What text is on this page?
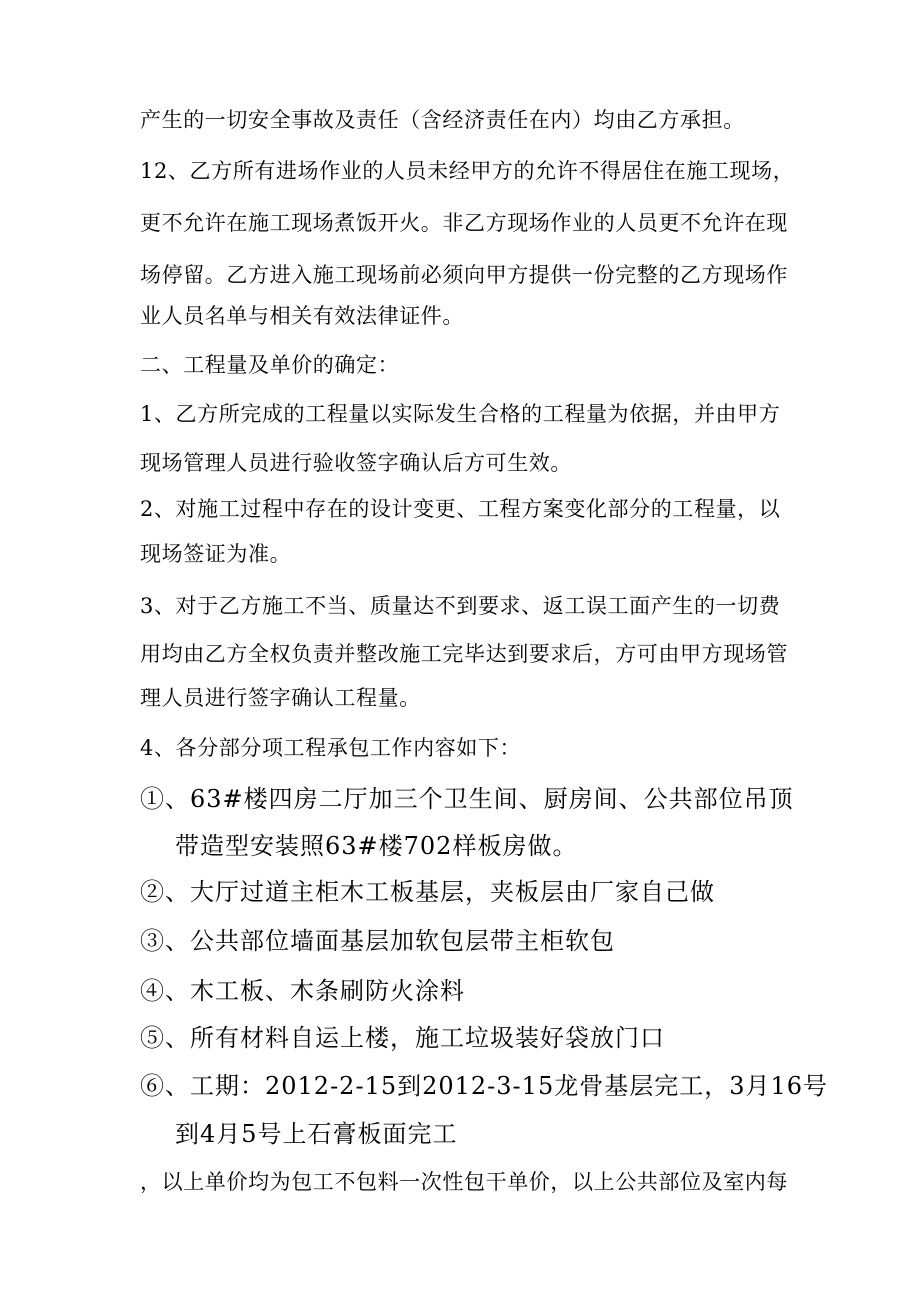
产生的一切安全事故及责任（含经济责任在内）均由乙方承担。
12、乙方所有进场作业的人员未经甲方的允许不得居住在施工现场，
更不允许在施工现场煮饭开火。非乙方现场作业的人员更不允许在现
场停留。乙方进入施工现场前必须向甲方提供一份完整的乙方现场作
业人员名单与相关有效法律证件。
二、工程量及单价的确定：
1、乙方所完成的工程量以实际发生合格的工程量为依据，并由甲方
现场管理人员进行验收签字确认后方可生效。
2、对施工过程中存在的设计变更、工程方案变化部分的工程量，以
现场签证为准。
3、对于乙方施工不当、质量达不到要求、返工误工面产生的一切费
用均由乙方全权负责并整改施工完毕达到要求后，方可由甲方现场管
理人员进行签字确认工程量。
4、各分部分项工程承包工作内容如下：
①、63#楼四房二厅加三个卫生间、厨房间、公共部位吊顶
带造型安装照63#楼702样板房做。
②、大厅过道主柜木工板基层，夹板层由厂家自己做
③、公共部位墙面基层加软包层带主柜软包
④、木工板、木条刷防火涂料
⑤、所有材料自运上楼，施工垃圾装好袋放门口
⑥、工期：2012-2-15到2012-3-15龙骨基层完工，3月16号
到4月5号上石膏板面完工
，以上单价均为包工不包料一次性包干单价，以上公共部位及室内每
